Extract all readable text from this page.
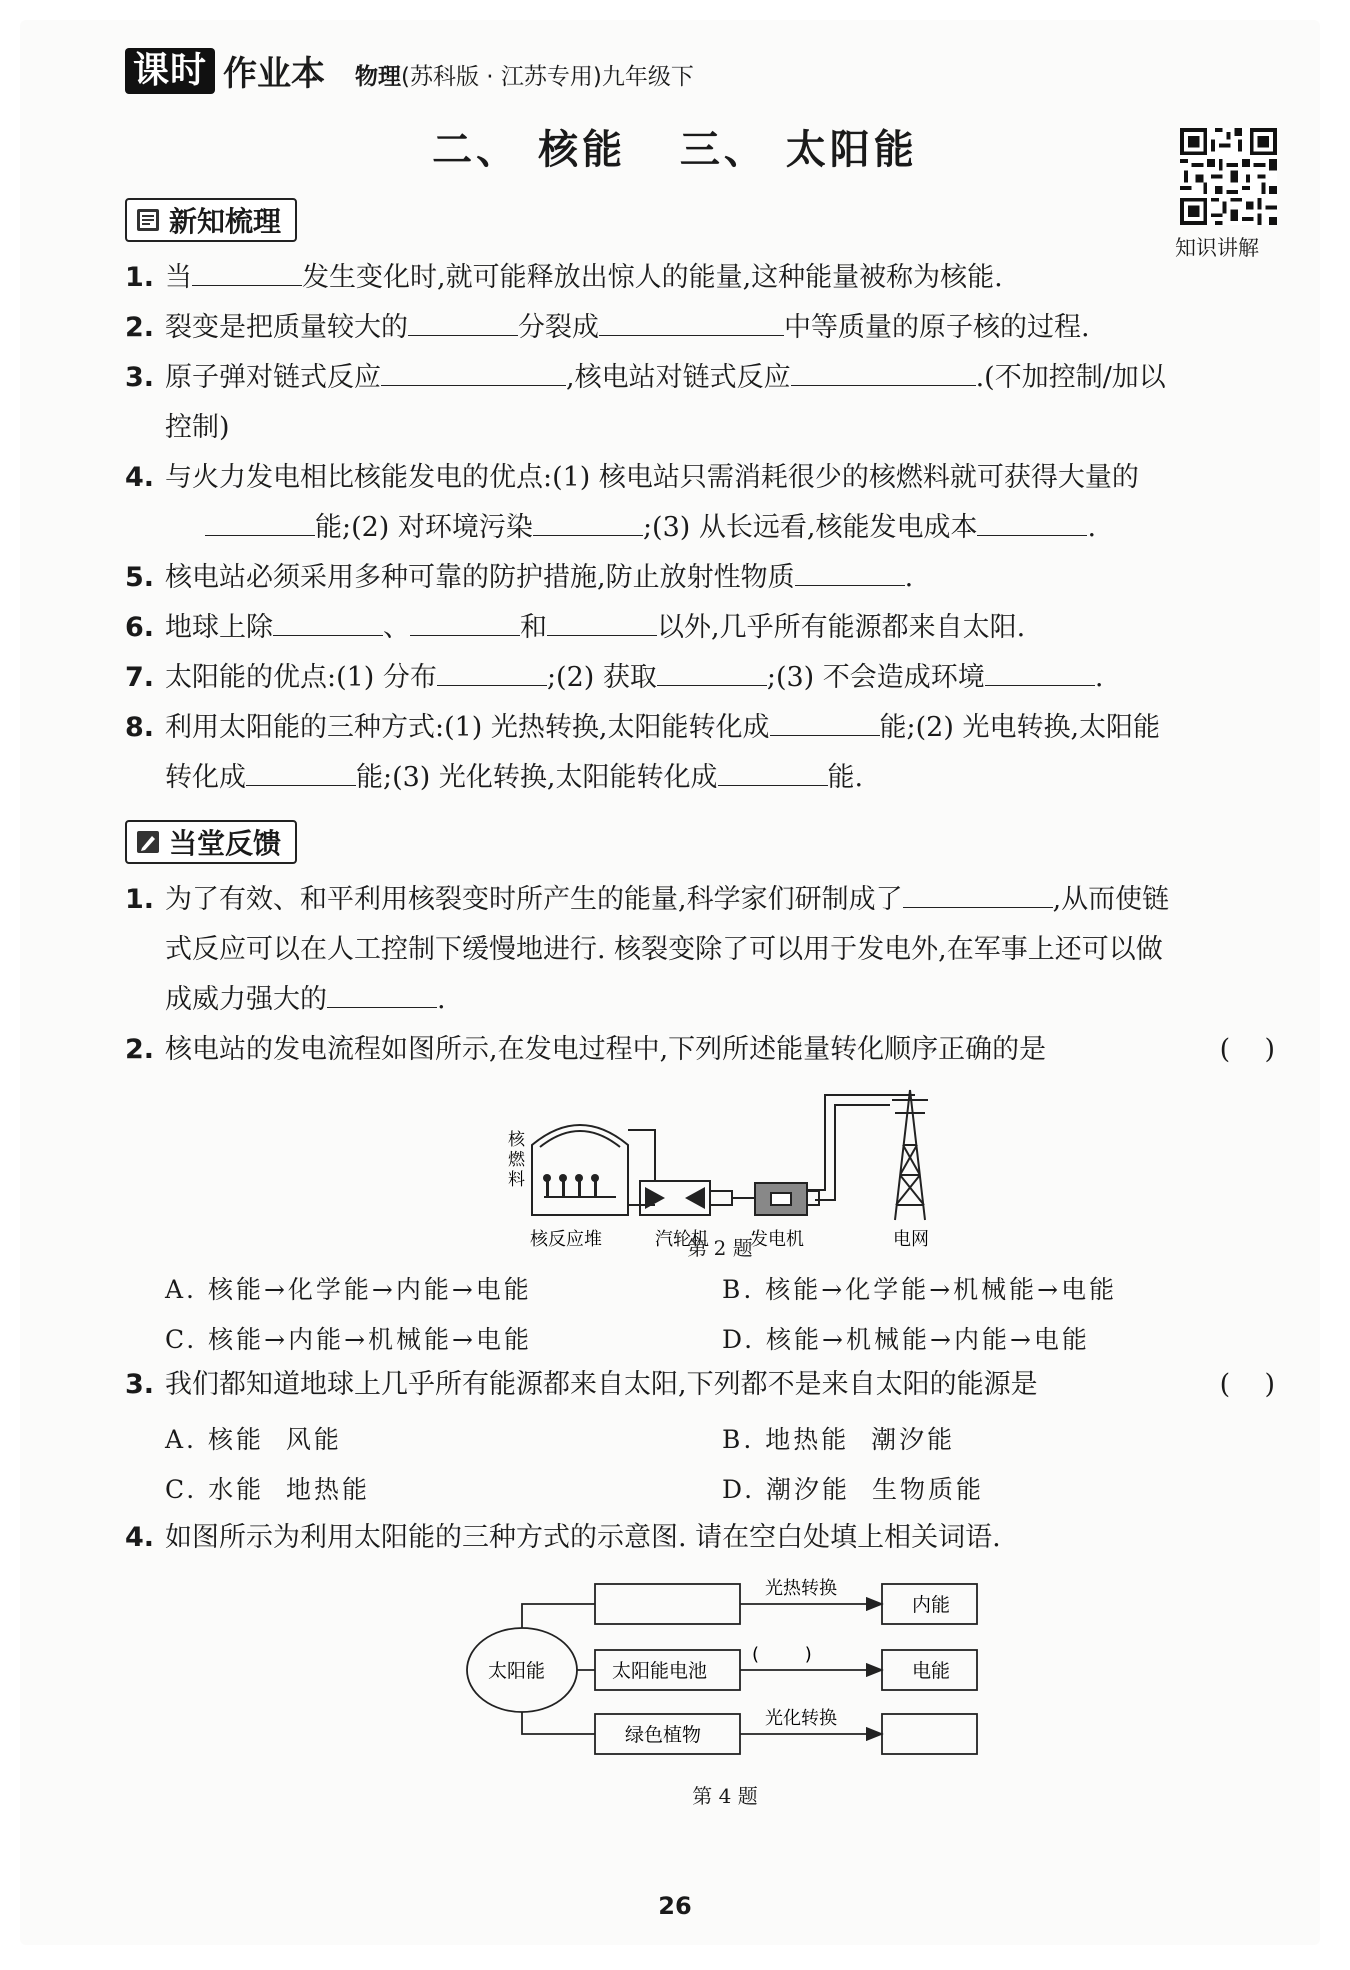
课时 作业本 物理(苏科版 · 江苏专用)九年级下
二、 核能   三、 太阳能
知识讲解
新知梳理
1. 当	发生变化时,就可能释放出惊人的能量,这种能量被称为核能.
2. 裂变是把质量较大的	分裂成	中等质量的原子核的过程.
3. 原子弹对链式反应	,核电站对链式反应	.(不加控制/加以
控制)
4. 与火力发电相比核能发电的优点:(1) 核电站只需消耗很少的核燃料就可获得大量的
能;(2) 对环境污染	;(3) 从长远看,核能发电成本	.
5. 核电站必须采用多种可靠的防护措施,防止放射性物质	.
6. 地球上除	、	和	以外,几乎所有能源都来自太阳.
7. 太阳能的优点:(1) 分布	;(2) 获取	;(3) 不会造成环境	.
8. 利用太阳能的三种方式:(1) 光热转换,太阳能转化成	能;(2) 光电转换,太阳能
转化成	能;(3) 光化转换,太阳能转化成	能.
当堂反馈
1. 为了有效、和平利用核裂变时所产生的能量,科学家们研制成了	,从而使链
式反应可以在人工控制下缓慢地进行. 核裂变除了可以用于发电外,在军事上还可以做
成威力强大的	.
2. 核电站的发电流程如图所示,在发电过程中,下列所述能量转化顺序正确的是	(    )
核
燃
料
核反应堆	汽轮机 发电机	电网
第 2 题
A. 核能→化学能→内能→电能	B. 核能→化学能→机械能→电能
C. 核能→内能→机械能→电能	D. 核能→机械能→内能→电能
3. 我们都知道地球上几乎所有能源都来自太阳,下列都不是来自太阳的能源是	(    )
A. 核能  风能	B. 地热能  潮汐能
C. 水能  地热能	D. 潮汐能  生物质能
4. 如图所示为利用太阳能的三种方式的示意图. 请在空白处填上相关词语.
太阳能	太阳能电池
绿色植物
光热转换
(        )
光化转换
内能
电能
第 4 题
26
